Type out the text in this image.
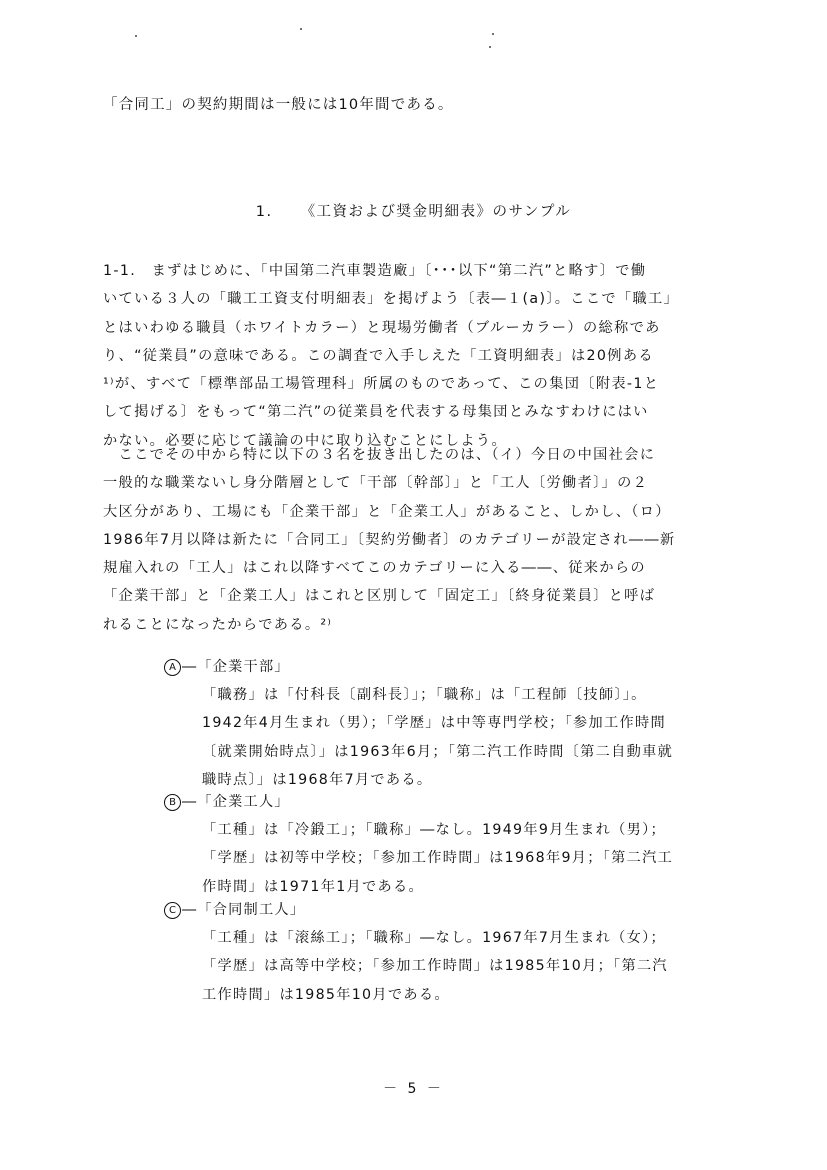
「合同工」の契約期間は一般には10年間である。
1. 《工資および奨金明細表》のサンプル
1-1.　まずはじめに、「中国第二汽車製造廠」〔･･･以下“第二汽”と略す〕で働
いている３人の「職工工資支付明細表」を掲げよう〔表―１(a)〕。ここで「職工」
とはいわゆる職員（ホワイトカラー）と現場労働者（ブルーカラー）の総称であ
り、“従業員”の意味である。この調査で入手しえた「工資明細表」は20例ある
¹⁾が、すべて「標準部品工場管理科」所属のものであって、この集団〔附表-1と
して掲げる〕をもって“第二汽”の従業員を代表する母集団とみなすわけにはい
かない。必要に応じて議論の中に取り込むことにしよう。
　ここでその中から特に以下の３名を抜き出したのは、（イ）今日の中国社会に
一般的な職業ないし身分階層として「干部〔幹部〕」と「工人〔労働者〕」の２
大区分があり、工場にも「企業干部」と「企業工人」があること、しかし、（ロ）
1986年7月以降は新たに「合同工」〔契約労働者〕のカテゴリーが設定され――新
規雇入れの「工人」はこれ以降すべてこのカテゴリーに入る――、従来からの
「企業干部」と「企業工人」はこれと区別して「固定工」〔終身従業員〕と呼ば
れることになったからである。²⁾
A ―「企業干部」
「職務」は「付科長〔副科長〕」；「職称」は「工程師〔技師〕」。
1942年4月生まれ（男）；「学歴」は中等専門学校；「参加工作時間
〔就業開始時点〕」は1963年6月；「第二汽工作時間〔第二自動車就
職時点〕」は1968年7月である。
B ―「企業工人」
「工種」は「冷鍛工」；「職称」―なし。1949年9月生まれ（男）；
「学歴」は初等中学校；「参加工作時間」は1968年9月；「第二汽工
作時間」は1971年1月である。
C ―「合同制工人」
「工種」は「滚絲工」；「職称」―なし。1967年7月生まれ（女）；
「学歴」は高等中学校；「参加工作時間」は1985年10月；「第二汽
工作時間」は1985年10月である。
－ 5 －
